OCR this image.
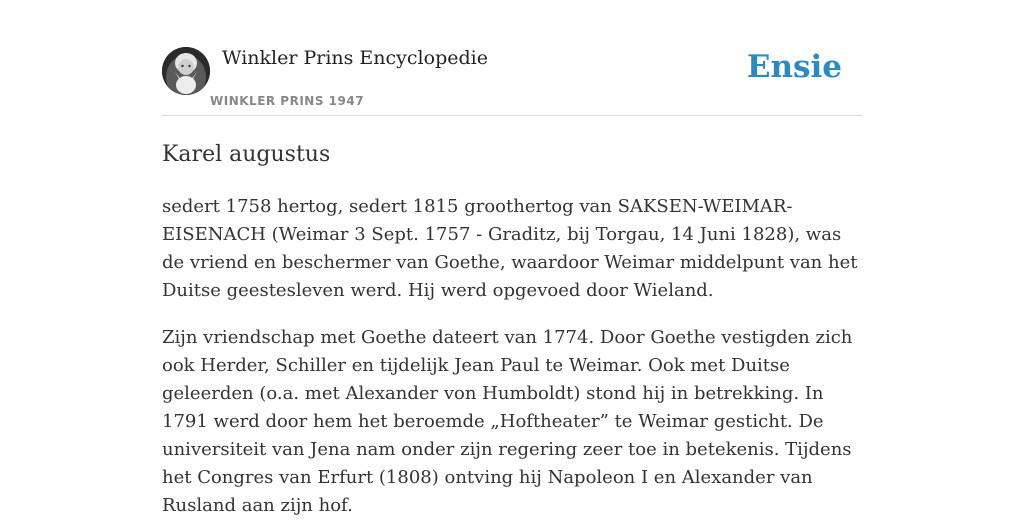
Winkler Prins Encyclopedie
WINKLER PRINS 1947
Ensie
Karel augustus

sedert 1758 hertog, sedert 1815 groothertog van SAKSEN-WEIMAR-EISENACH (Weimar 3 Sept. 1757 - Graditz, bij Torgau, 14 Juni 1828), was de vriend en beschermer van Goethe, waardoor Weimar middelpunt van het Duitse geestesleven werd. Hij werd opgevoed door Wieland.

Zijn vriendschap met Goethe dateert van 1774. Door Goethe vestigden zich ook Herder, Schiller en tijdelijk Jean Paul te Weimar. Ook met Duitse geleerden (o.a. met Alexander von Humboldt) stond hij in betrekking. In 1791 werd door hem het beroemde „Hoftheater” te Weimar gesticht. De universiteit van Jena nam onder zijn regering zeer toe in betekenis. Tijdens het Congres van Erfurt (1808) ontving hij Napoleon I en Alexander van Rusland aan zijn hof.
